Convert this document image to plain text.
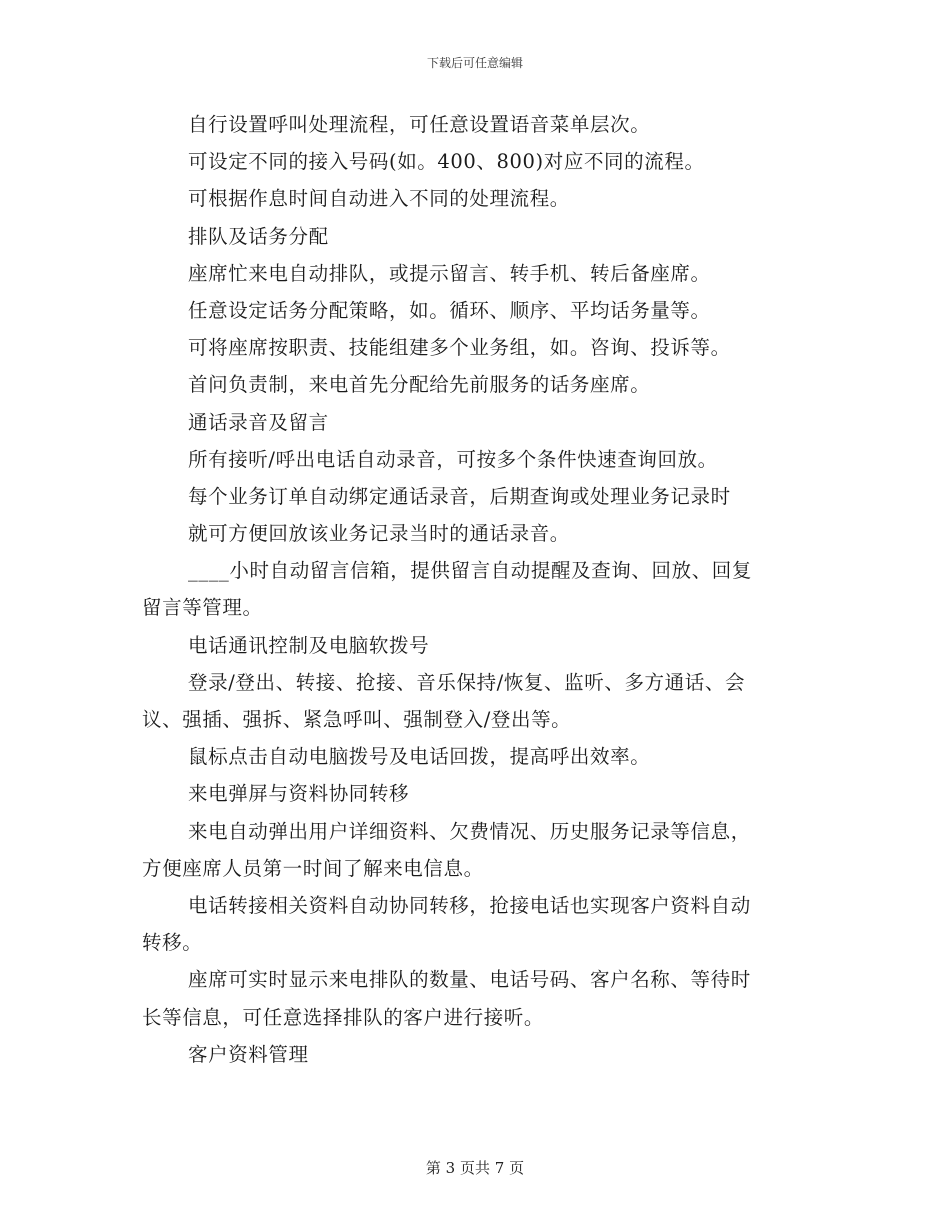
下载后可任意编辑
自行设置呼叫处理流程，可任意设置语音菜单层次。
可设定不同的接入号码(如。400、800)对应不同的流程。
可根据作息时间自动进入不同的处理流程。
排队及话务分配
座席忙来电自动排队，或提示留言、转手机、转后备座席。
任意设定话务分配策略，如。循环、顺序、平均话务量等。
可将座席按职责、技能组建多个业务组，如。咨询、投诉等。
首问负责制，来电首先分配给先前服务的话务座席。
通话录音及留言
所有接听/呼出电话自动录音，可按多个条件快速查询回放。
每个业务订单自动绑定通话录音，后期查询或处理业务记录时
就可方便回放该业务记录当时的通话录音。
____小时自动留言信箱，提供留言自动提醒及查询、回放、回复
留言等管理。
电话通讯控制及电脑软拨号
登录/登出、转接、抢接、音乐保持/恢复、监听、多方通话、会
议、强插、强拆、紧急呼叫、强制登入/登出等。
鼠标点击自动电脑拨号及电话回拨，提高呼出效率。
来电弹屏与资料协同转移
来电自动弹出用户详细资料、欠费情况、历史服务记录等信息，
方便座席人员第一时间了解来电信息。
电话转接相关资料自动协同转移，抢接电话也实现客户资料自动
转移。
座席可实时显示来电排队的数量、电话号码、客户名称、等待时
长等信息，可任意选择排队的客户进行接听。
客户资料管理
第 3 页共 7 页
